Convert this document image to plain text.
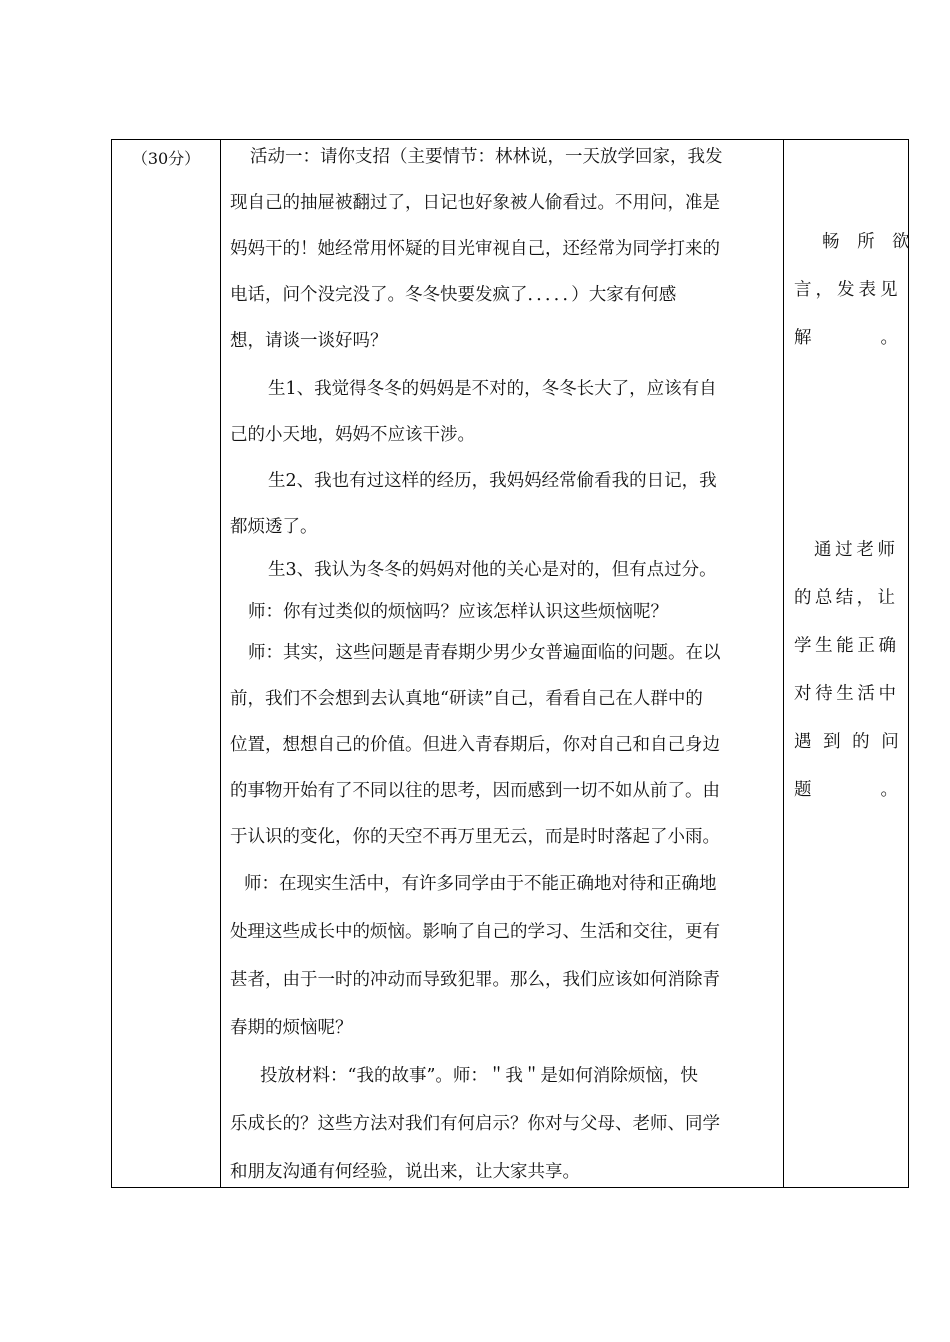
（30分）	活动一：请你支招（主要情节：林林说，一天放学回家，我发
现自己的抽屉被翻过了，日记也好象被人偷看过。不用问，准是
妈妈干的！她经常用怀疑的目光审视自己，还经常为同学打来的
电话，问个没完没了。冬冬快要发疯了．．．．．）大家有何感
想，请谈一谈好吗？

生1、我觉得冬冬的妈妈是不对的，冬冬长大了，应该有自
己的小天地，妈妈不应该干涉。

生2、我也有过这样的经历，我妈妈经常偷看我的日记，我
都烦透了。

生3、我认为冬冬的妈妈对他的关心是对的，但有点过分。

师：你有过类似的烦恼吗？应该怎样认识这些烦恼呢？

师：其实，这些问题是青春期少男少女普遍面临的问题。在以
前，我们不会想到去认真地“研读”自己，看看自己在人群中的
位置，想想自己的价值。但进入青春期后，你对自己和自己身边
的事物开始有了不同以往的思考，因而感到一切不如从前了。由
于认识的变化，你的天空不再万里无云，而是时时落起了小雨。

师：在现实生活中，有许多同学由于不能正确地对待和正确地
处理这些成长中的烦恼。影响了自己的学习、生活和交往，更有
甚者，由于一时的冲动而导致犯罪。那么，我们应该如何消除青
春期的烦恼呢？

投放材料：“我的故事”。师：＂我＂是如何消除烦恼，快
乐成长的？这些方法对我们有何启示？你对与父母、老师、同学
和朋友沟通有何经验，说出来，让大家共享。

畅 所 欲
言，发表见
解。

通过老师
的总结，让
学生能正确
对待生活中
遇 到 的 问
题。
